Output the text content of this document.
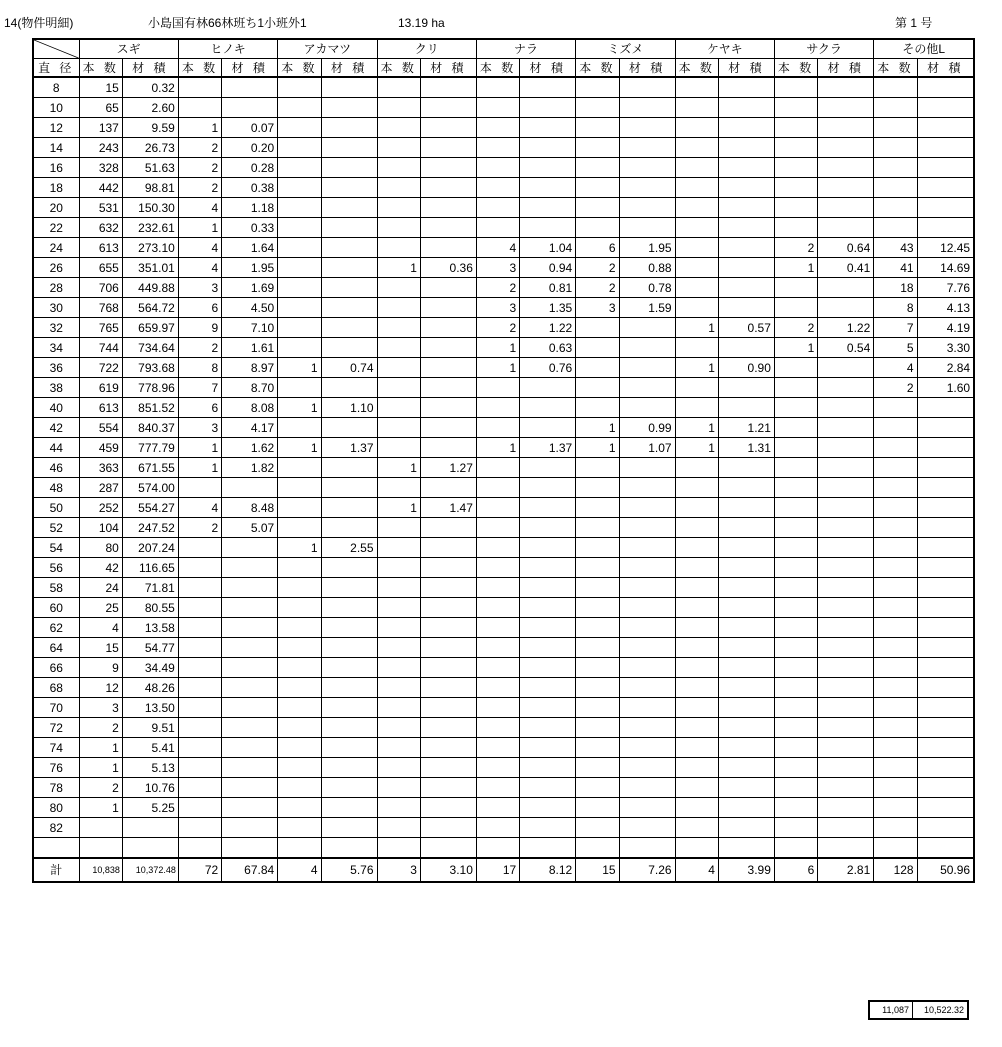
14(物件明細)	小島国有林66林班ち1小班外1	13.19 ha	第 1 号
	スギ		ヒノキ		アカマツ		クリ		ナラ		ミズメ		ケヤキ		サクラ		その他L	
直 径	本 数	材 積	本 数	材 積	本 数	材 積	本 数	材 積	本 数	材 積	本 数	材 積	本 数	材 積	本 数	材 積	本 数	材 積
8	15	0.32																
10	65	2.60																
12	137	9.59	1	0.07														
14	243	26.73	2	0.20														
16	328	51.63	2	0.28														
18	442	98.81	2	0.38														
20	531	150.30	4	1.18														
22	632	232.61	1	0.33														
24	613	273.10	4	1.64					4	1.04	6	1.95			2	0.64	43	12.45
26	655	351.01	4	1.95			1	0.36	3	0.94	2	0.88			1	0.41	41	14.69
28	706	449.88	3	1.69					2	0.81	2	0.78					18	7.76
30	768	564.72	6	4.50					3	1.35	3	1.59					8	4.13
32	765	659.97	9	7.10					2	1.22			1	0.57	2	1.22	7	4.19
34	744	734.64	2	1.61					1	0.63					1	0.54	5	3.30
36	722	793.68	8	8.97	1	0.74			1	0.76			1	0.90			4	2.84
38	619	778.96	7	8.70													2	1.60
40	613	851.52	6	8.08	1	1.10												
42	554	840.37	3	4.17							1	0.99	1	1.21				
44	459	777.79	1	1.62	1	1.37			1	1.37	1	1.07	1	1.31				
46	363	671.55	1	1.82			1	1.27										
48	287	574.00																
50	252	554.27	4	8.48			1	1.47										
52	104	247.52	2	5.07														
54	80	207.24			1	2.55												
56	42	116.65																
58	24	71.81																
60	25	80.55																
62	4	13.58																
64	15	54.77																
66	9	34.49																
68	12	48.26																
70	3	13.50																
72	2	9.51																
74	1	5.41																
76	1	5.13																
78	2	10.76																
80	1	5.25																
82																		

計	10,838	10,372.48	72	67.84	4	5.76	3	3.10	17	8.12	15	7.26	4	3.99	6	2.81	128	50.96
11,087	10,522.32
